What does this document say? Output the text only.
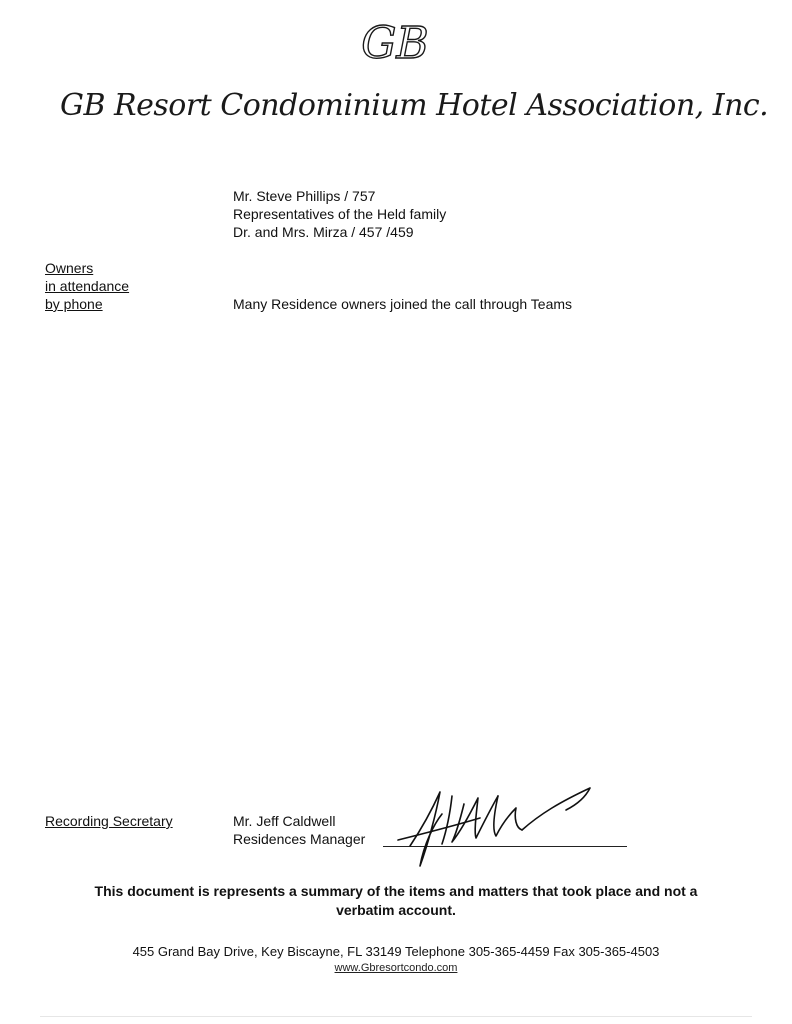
GB
GB Resort Condominium Hotel Association, Inc.
Mr. Steve Phillips / 757
Representatives of the Held family
Dr. and Mrs. Mirza / 457 /459
Owners
in attendance
by phone	Many Residence owners joined the call through Teams
Recording Secretary	Mr. Jeff Caldwell
Residences Manager
This document is represents a summary of the items and matters that took place and not a
verbatim account.
455 Grand Bay Drive, Key Biscayne, FL 33149 Telephone 305-365-4459 Fax 305-365-4503
www.Gbresortcondo.com
